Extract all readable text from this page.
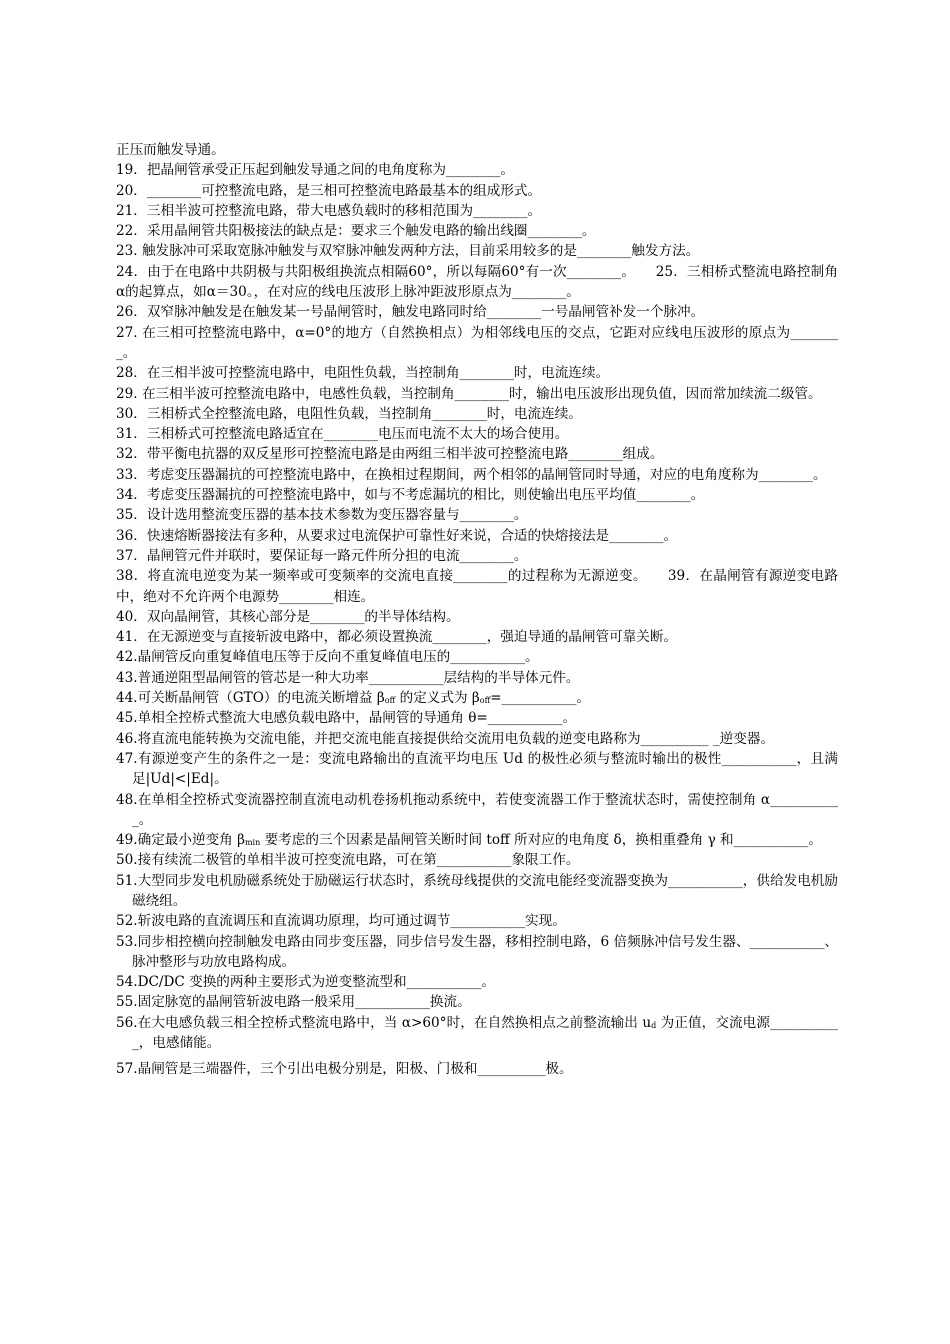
正压而触发导通。

19．把晶闸管承受正压起到触发导通之间的电角度称为________。

20．________可控整流电路，是三相可控整流电路最基本的组成形式。

21．三相半波可控整流电路，带大电感负载时的移相范围为________。

22．采用晶闸管共阳极接法的缺点是：要求三个触发电路的输出线圈________。

23. 触发脉冲可采取宽脉冲触发与双窄脉冲触发两种方法，目前采用较多的是________触发方法。

24．由于在电路中共阴极与共阳极组换流点相隔60°，所以每隔60°有一次________。　　25．三相桥式整流电路控制角α的起算点，如α＝30。，在对应的线电压波形上脉冲距波形原点为________。

26．双窄脉冲触发是在触发某一号晶闸管时，触发电路同时给________一号晶闸管补发一个脉冲。

27. 在三相可控整流电路中，α=0°的地方（自然换相点）为相邻线电压的交点，它距对应线电压波形的原点为________。

28．在三相半波可控整流电路中，电阻性负载，当控制角________时，电流连续。

29. 在三相半波可控整流电路中，电感性负载，当控制角________时，输出电压波形出现负值，因而常加续流二级管。

30．三相桥式全控整流电路，电阻性负载，当控制角________时，电流连续。

31．三相桥式可控整流电路适宜在________电压而电流不太大的场合使用。

32．带平衡电抗器的双反星形可控整流电路是由两组三相半波可控整流电路________组成。

33．考虑变压器漏抗的可控整流电路中，在换相过程期间，两个相邻的晶闸管同时导通，对应的电角度称为________。

34．考虑变压器漏抗的可控整流电路中，如与不考虑漏坑的相比，则使输出电压平均值________。

35．设计选用整流变压器的基本技术参数为变压器容量与________。

36．快速熔断器接法有多种，从要求过电流保护可靠性好来说，合适的快熔接法是________。

37．晶闸管元件并联时，要保证每一路元件所分担的电流________。

38．将直流电逆变为某一频率或可变频率的交流电直接________的过程称为无源逆变。　　39．在晶闸管有源逆变电路中，绝对不允许两个电源势________相连。

40．双向晶闸管，其核心部分是________的半导体结构。

41．在无源逆变与直接斩波电路中，都必须设置换流________，强迫导通的晶闸管可靠关断。

42.晶闸管反向重复峰值电压等于反向不重复峰值电压的___________。

43.普通逆阻型晶闸管的管芯是一种大功率___________层结构的半导体元件。

44.可关断晶闸管（GTO）的电流关断增益 $\beta_{off}$ 的定义式为 $\beta_{off}=\_\_\_\_\_\_\_\_\_\_\_$。

45.单相全控桥式整流大电感负载电路中，晶闸管的导通角 θ=___________。

46.将直流电能转换为交流电能，并把交流电能直接提供给交流用电负载的逆变电路称为__________ _逆变器。

47.有源逆变产生的条件之一是：变流电路输出的直流平均电压 Ud 的极性必须与整流时输出的极性___________，且满足|Ud|<|Ed|。

48.在单相全控桥式变流器控制直流电动机卷扬机拖动系统中，若使变流器工作于整流状态时，需使控制角 α___________。

49.确定最小逆变角 $\beta_{min}$ 要考虑的三个因素是晶闸管关断时间 toff 所对应的电角度 δ，换相重叠角 γ 和___________。

50.接有续流二极管的单相半波可控变流电路，可在第___________象限工作。

51.大型同步发电机励磁系统处于励磁运行状态时，系统母线提供的交流电能经变流器变换为___________，供给发电机励磁绕组。

52.斩波电路的直流调压和直流调功原理，均可通过调节___________实现。

53.同步相控横向控制触发电路由同步变压器，同步信号发生器，移相控制电路，6 倍频脉冲信号发生器、___________、脉冲整形与功放电路构成。

54.DC/DC 变换的两种主要形式为逆变整流型和___________。

55.固定脉宽的晶闸管斩波电路一般采用___________换流。

56.在大电感负载三相全控桥式整流电路中，当 α>60°时，在自然换相点之前整流输出 $u_d$ 为正值，交流电源___________，电感储能。

57.晶闸管是三端器件，三个引出电极分别是，阳极、门极和__________极。
